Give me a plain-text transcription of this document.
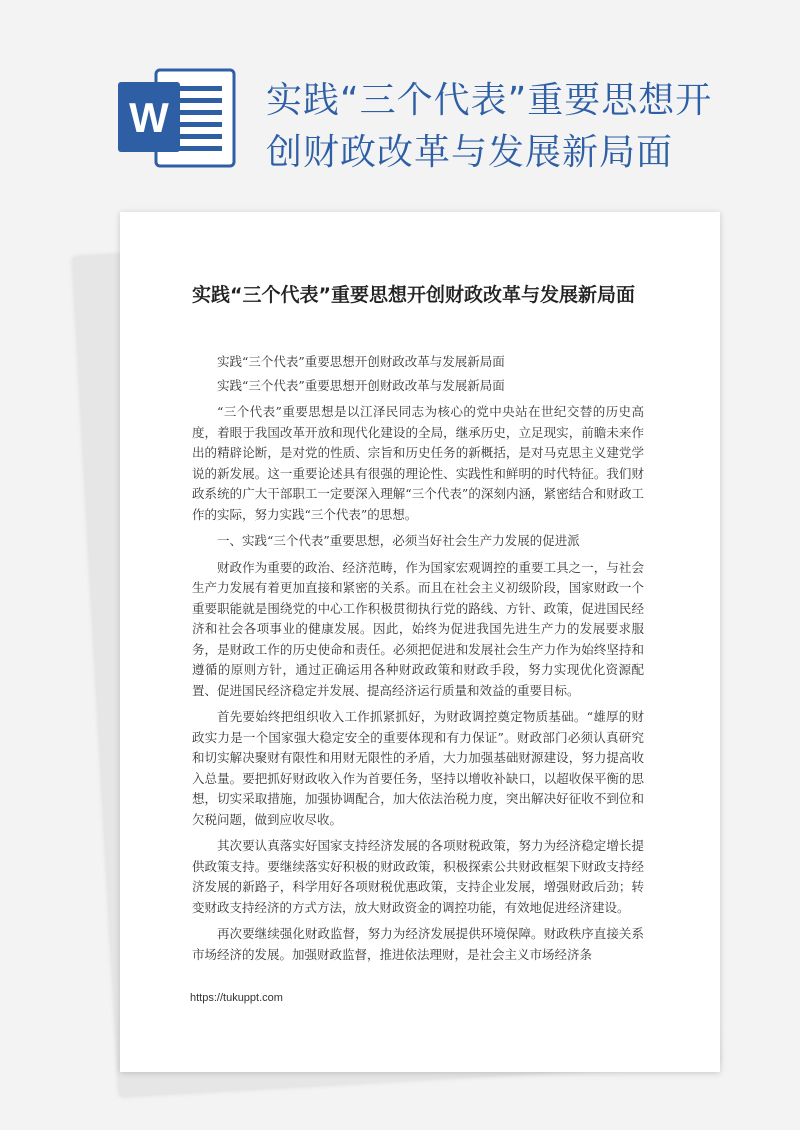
W	实践“三个代表”重要思想开
创财政改革与发展新局面
实践“三个代表”重要思想开创财政改革与发展新局面

实践“三个代表”重要思想开创财政改革与发展新局面

实践“三个代表”重要思想开创财政改革与发展新局面

“三个代表”重要思想是以江泽民同志为核心的党中央站在世纪交替的历史高度，着眼于我国改革开放和现代化建设的全局，继承历史，立足现实，前瞻未来作出的精辟论断，是对党的性质、宗旨和历史任务的新概括，是对马克思主义建党学说的新发展。这一重要论述具有很强的理论性、实践性和鲜明的时代特征。我们财政系统的广大干部职工一定要深入理解“三个代表”的深刻内涵，紧密结合和财政工作的实际，努力实践“三个代表”的思想。

一、实践“三个代表”重要思想，必须当好社会生产力发展的促进派

财政作为重要的政治、经济范畴，作为国家宏观调控的重要工具之一，与社会生产力发展有着更加直接和紧密的关系。而且在社会主义初级阶段，国家财政一个重要职能就是围绕党的中心工作积极贯彻执行党的路线、方针、政策，促进国民经济和社会各项事业的健康发展。因此，始终为促进我国先进生产力的发展要求服务，是财政工作的历史使命和责任。必须把促进和发展社会生产力作为始终坚持和遵循的原则方针，通过正确运用各种财政政策和财政手段，努力实现优化资源配置、促进国民经济稳定并发展、提高经济运行质量和效益的重要目标。

首先要始终把组织收入工作抓紧抓好，为财政调控奠定物质基础。“雄厚的财政实力是一个国家强大稳定安全的重要体现和有力保证”。财政部门必须认真研究和切实解决聚财有限性和用财无限性的矛盾，大力加强基础财源建设，努力提高收入总量。要把抓好财政收入作为首要任务，坚持以增收补缺口，以超收保平衡的思想，切实采取措施，加强协调配合，加大依法治税力度，突出解决好征收不到位和欠税问题，做到应收尽收。

其次要认真落实好国家支持经济发展的各项财税政策，努力为经济稳定增长提供政策支持。要继续落实好积极的财政政策，积极探索公共财政框架下财政支持经济发展的新路子，科学用好各项财税优惠政策，支持企业发展，增强财政后劲；转变财政支持经济的方式方法，放大财政资金的调控功能，有效地促进经济建设。

再次要继续强化财政监督，努力为经济发展提供环境保障。财政秩序直接关系市场经济的发展。加强财政监督，推进依法理财，是社会主义市场经济条

https://tukuppt.com
